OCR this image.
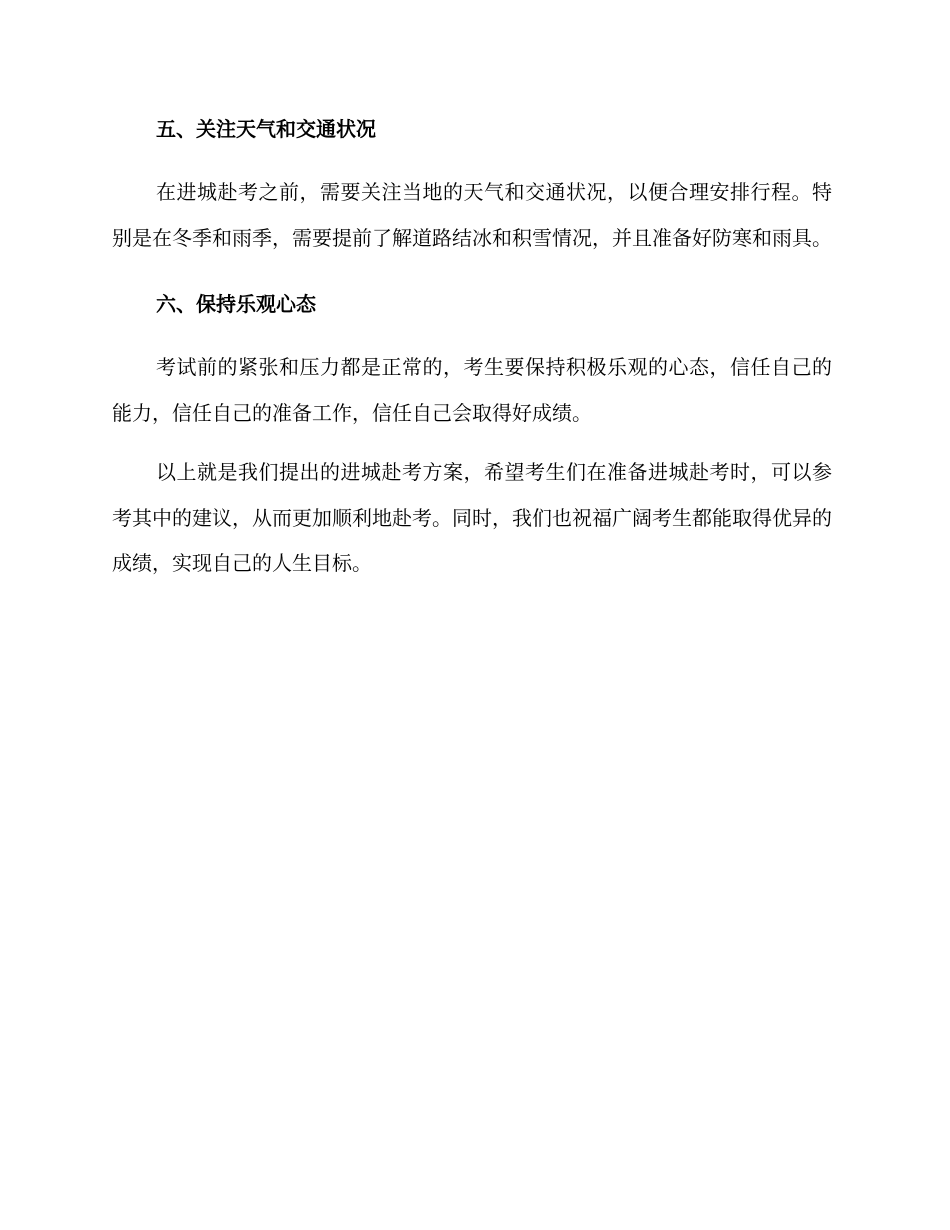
五、关注天气和交通状况

在进城赴考之前，需要关注当地的天气和交通状况，以便合理安排行程。特别是在冬季和雨季，需要提前了解道路结冰和积雪情况，并且准备好防寒和雨具。

六、保持乐观心态

考试前的紧张和压力都是正常的，考生要保持积极乐观的心态，信任自己的能力，信任自己的准备工作，信任自己会取得好成绩。

以上就是我们提出的进城赴考方案，希望考生们在准备进城赴考时，可以参考其中的建议，从而更加顺利地赴考。同时，我们也祝福广阔考生都能取得优异的成绩，实现自己的人生目标。
